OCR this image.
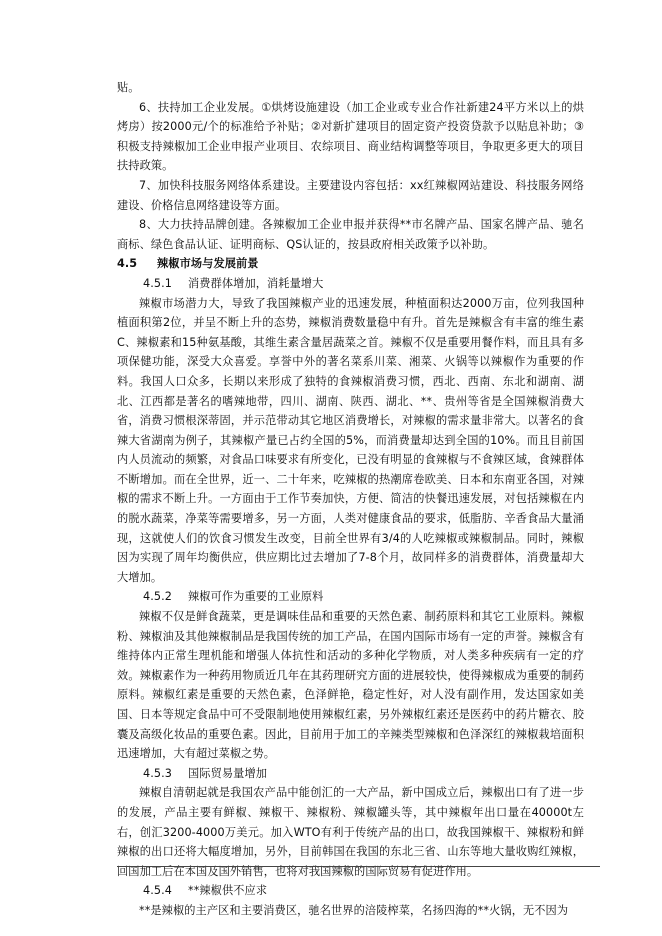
贴。

6、扶持加工企业发展。①烘烤设施建设（加工企业或专业合作社新建24平方米以上的烘烤房）按2000元/个的标准给予补贴；②对新扩建项目的固定资产投资贷款予以贴息补助；③积极支持辣椒加工企业申报产业项目、农综项目、商业结构调整等项目，争取更多更大的项目扶持政策。

7、加快科技服务网络体系建设。主要建设内容包括：xx红辣椒网站建设、科技服务网络建设、价格信息网络建设等方面。

8、大力扶持品牌创建。各辣椒加工企业申报并获得**市名牌产品、国家名牌产品、驰名商标、绿色食品认证、证明商标、QS认证的，按县政府相关政策予以补助。

4.5 辣椒市场与发展前景

4.5.1 消费群体增加，消耗量增大

辣椒市场潜力大，导致了我国辣椒产业的迅速发展，种植面积达2000万亩，位列我国种植面积第2位，并呈不断上升的态势，辣椒消费数量稳中有升。首先是辣椒含有丰富的维生素C、辣椒素和15种氨基酸，其维生素含量居蔬菜之首。辣椒不仅是重要用餐作料，而且具有多项保健功能，深受大众喜爱。享誉中外的著名菜系川菜、湘菜、火锅等以辣椒作为重要的作料。我国人口众多，长期以来形成了独特的食辣椒消费习惯，西北、西南、东北和湖南、湖北、江西都是著名的嗜辣地带，四川、湖南、陕西、湖北、**、贵州等省是全国辣椒消费大省，消费习惯根深蒂固，并示范带动其它地区消费增长，对辣椒的需求量非常大。以著名的食辣大省湖南为例子，其辣椒产量已占约全国的5%，而消费量却达到全国的10%。而且目前国内人员流动的频繁，对食品口味要求有所变化，已没有明显的食辣椒与不食辣区域，食辣群体不断增加。而在全世界，近一、二十年来，吃辣椒的热潮席卷欧美、日本和东南亚各国，对辣椒的需求不断上升。一方面由于工作节奏加快，方便、简洁的快餐迅速发展，对包括辣椒在内的脱水蔬菜，净菜等需要增多，另一方面，人类对健康食品的要求，低脂肪、辛香食品大量涌现，这就使人们的饮食习惯发生改变，目前全世界有3/4的人吃辣椒或辣椒制品。同时，辣椒因为实现了周年均衡供应，供应期比过去增加了7-8个月，故同样多的消费群体，消费量却大大增加。

4.5.2 辣椒可作为重要的工业原料

辣椒不仅是鲜食蔬菜，更是调味佳品和重要的天然色素、制药原料和其它工业原料。辣椒粉、辣椒油及其他辣椒制品是我国传统的加工产品，在国内国际市场有一定的声誉。辣椒含有维持体内正常生理机能和增强人体抗性和活动的多种化学物质，对人类多种疾病有一定的疗效。辣椒素作为一种药用物质近几年在其药理研究方面的进展较快，使得辣椒成为重要的制药原料。辣椒红素是重要的天然色素，色泽鲜艳，稳定性好，对人没有副作用，发达国家如美国、日本等规定食品中可不受限制地使用辣椒红素，另外辣椒红素还是医药中的药片糖衣、胶囊及高级化妆品的重要色素。因此，目前用于加工的辛辣类型辣椒和色泽深红的辣椒栽培面积迅速增加，大有超过菜椒之势。

4.5.3 国际贸易量增加

辣椒自清朝起就是我国农产品中能创汇的一大产品，新中国成立后，辣椒出口有了进一步的发展，产品主要有鲜椒、辣椒干、辣椒粉、辣椒罐头等，其中辣椒年出口量在40000t左右，创汇3200-4000万美元。加入WTO有利于传统产品的出口，故我国辣椒干、辣椒粉和鲜辣椒的出口还将大幅度增加，另外，目前韩国在我国的东北三省、山东等地大量收购红辣椒，回国加工后在本国及国外销售，也将对我国辣椒的国际贸易有促进作用。

4.5.4 **辣椒供不应求

**是辣椒的主产区和主要消费区，驰名世界的涪陵榨菜，名扬四海的**火锅，无不因为
